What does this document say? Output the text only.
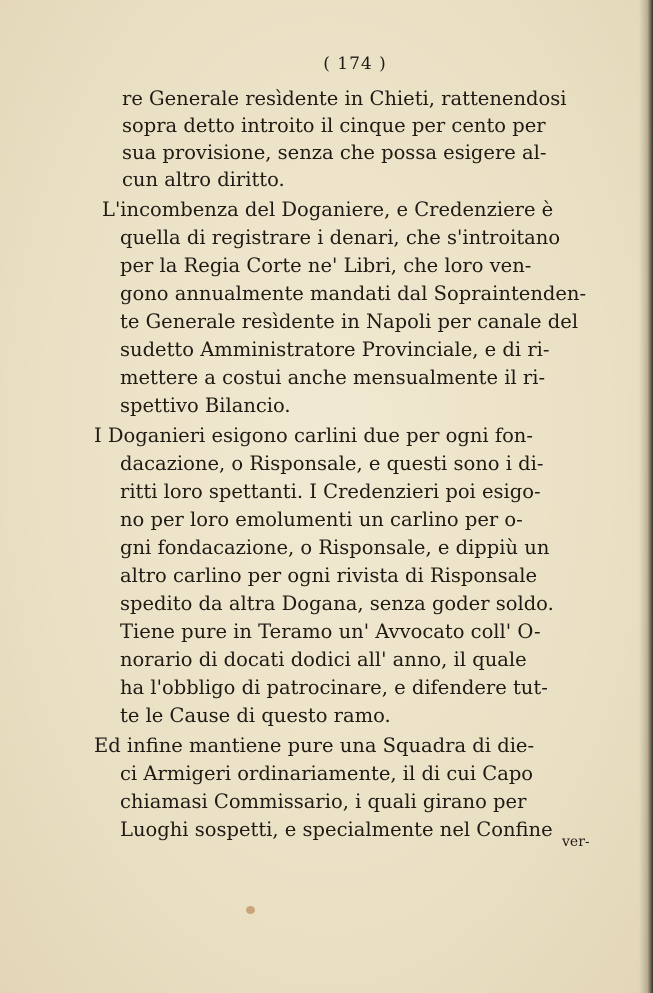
( 174 )
re Generale resìdente in Chieti, rattenendosi
sopra detto introito il cinque per cento per
sua provisione, senza che possa esigere al-
cun altro diritto.
L'incombenza del Doganiere, e Credenziere è
quella di registrare i denari, che s'introitano
per la Regia Corte ne' Libri, che loro ven-
gono annualmente mandati dal Sopraintenden-
te Generale resìdente in Napoli per canale del
sudetto Amministratore Provinciale, e di ri-
mettere a costui anche mensualmente il ri-
spettivo Bilancio.
I Doganieri esigono carlini due per ogni fon-
dacazione, o Risponsale, e questi sono i di-
ritti loro spettanti. I Credenzieri poi esigo-
no per loro emolumenti un carlino per o-
gni fondacazione, o Risponsale, e dippiù un
altro carlino per ogni rivista di Risponsale
spedito da altra Dogana, senza goder soldo.
Tiene pure in Teramo un' Avvocato coll' O-
norario di docati dodici all' anno, il quale
ha l'obbligo di patrocinare, e difendere tut-
te le Cause di questo ramo.
Ed infine mantiene pure una Squadra di die-
ci Armigeri ordinariamente, il di cui Capo
chiamasi Commissario, i quali girano per
Luoghi sospetti, e specialmente nel Confine
ver-
